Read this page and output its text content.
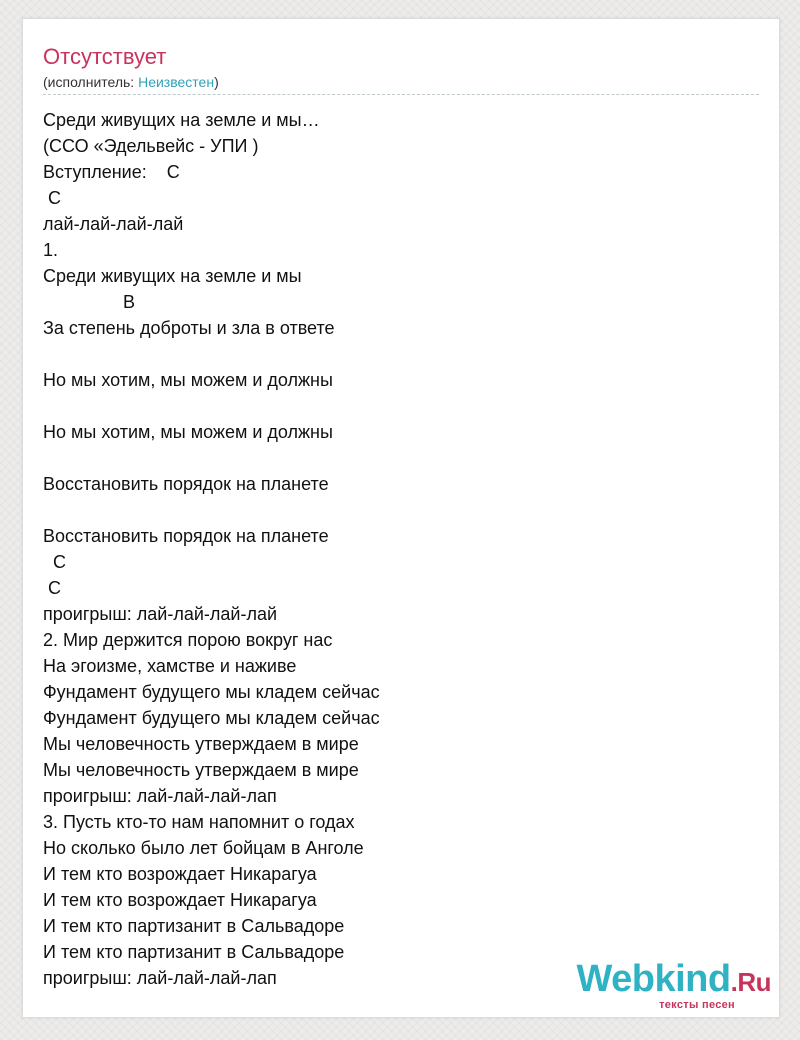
Отсутствует
(исполнитель: Неизвестен)
Среди живущих на земле и мы…
(ССО «Эдельвейс - УПИ )
Вступление:    C
C
лай-лай-лай-лай
1.
Среди живущих на земле и мы
B
За степень доброты и зла в ответе
Но мы хотим, мы можем и должны
Но мы хотим, мы можем и должны
Восстановить порядок на планете
Восстановить порядок на планете
C
C
проигрыш: лай-лай-лай-лай
2. Мир держится порою вокруг нас
На эгоизме, хамстве и наживе
Фундамент будущего мы кладем сейчас
Фундамент будущего мы кладем сейчас
Мы человечность утверждаем в мире
Мы человечность утверждаем в мире
проигрыш: лай-лай-лай-лап
3. Пусть кто-то нам напомнит о годах
Но сколько было лет бойцам в Анголе
И тем кто возрождает Никарагуа
И тем кто возрождает Никарагуа
И тем кто партизанит в Сальвадоре
И тем кто партизанит в Сальвадоре
проигрыш: лай-лай-лай-лап	Webkind.Ru
тексты песен
